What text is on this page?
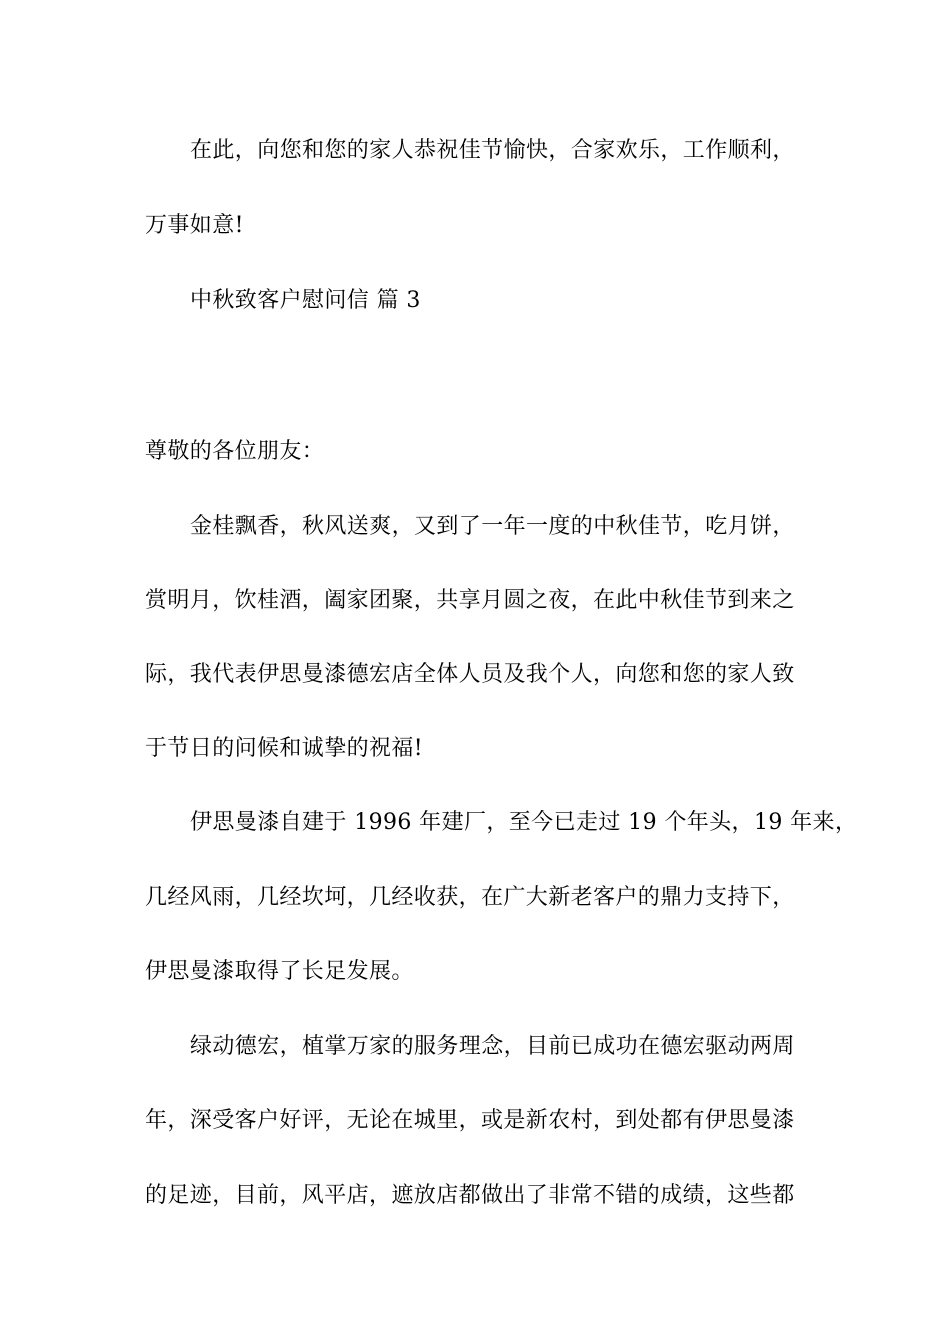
在此，向您和您的家人恭祝佳节愉快，合家欢乐，工作顺利，
万事如意!
中秋致客户慰问信 篇 3
尊敬的各位朋友：
金桂飘香，秋风送爽，又到了一年一度的中秋佳节，吃月饼，
赏明月，饮桂酒，阖家团聚，共享月圆之夜，在此中秋佳节到来之
际，我代表伊思曼漆德宏店全体人员及我个人，向您和您的家人致
于节日的问候和诚挚的祝福!
伊思曼漆自建于 1996 年建厂，至今已走过 19 个年头，19 年来，
几经风雨，几经坎坷，几经收获，在广大新老客户的鼎力支持下，
伊思曼漆取得了长足发展。
绿动德宏，植掌万家的服务理念，目前已成功在德宏驱动两周
年，深受客户好评，无论在城里，或是新农村，到处都有伊思曼漆
的足迹，目前，风平店，遮放店都做出了非常不错的成绩，这些都
